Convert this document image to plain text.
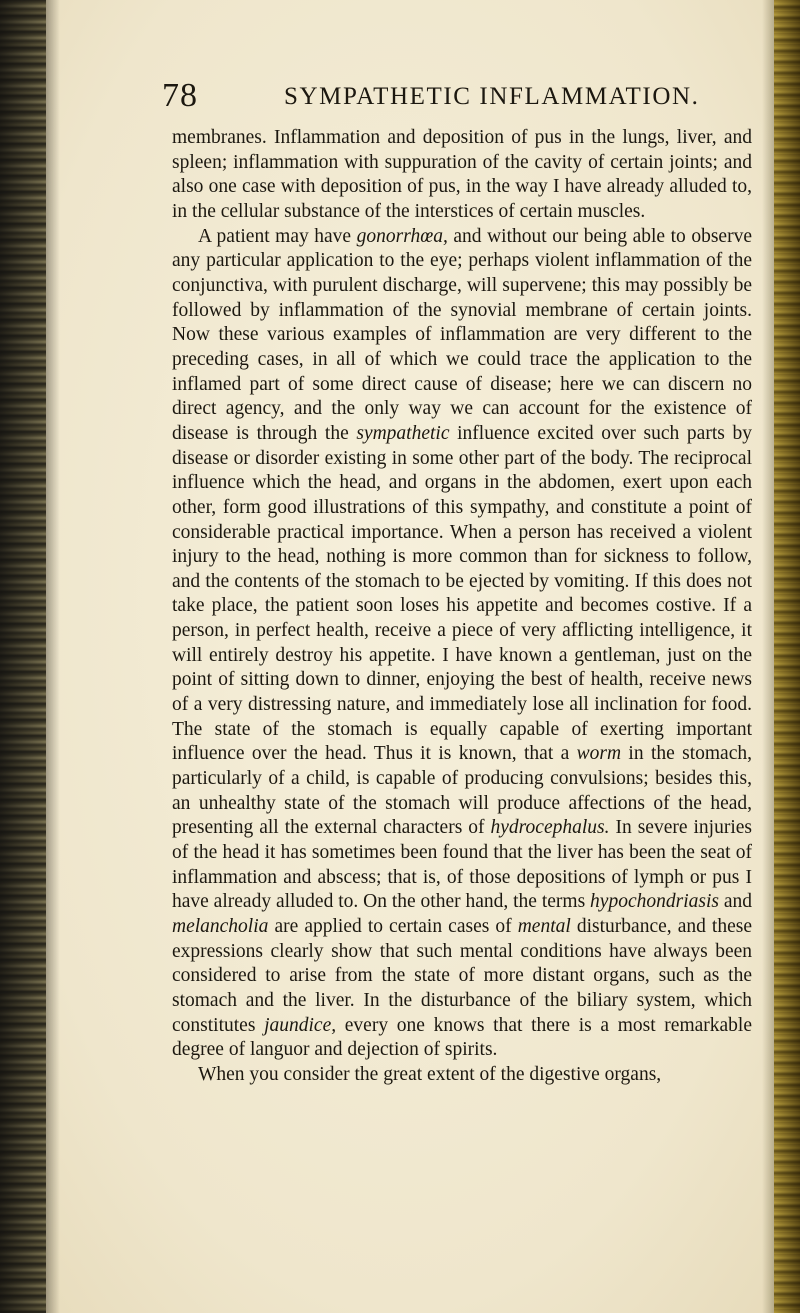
78	SYMPATHETIC INFLAMMATION.

membranes. Inflammation and deposition of pus in the lungs, liver, and spleen; inflammation with suppuration of the cavity of certain joints; and also one case with deposition of pus, in the way I have already alluded to, in the cellular substance of the interstices of certain muscles.

A patient may have gonorrhœa, and without our being able to observe any particular application to the eye; perhaps violent inflammation of the conjunctiva, with purulent discharge, will supervene; this may possibly be followed by inflammation of the synovial membrane of certain joints. Now these various examples of inflammation are very different to the preceding cases, in all of which we could trace the application to the inflamed part of some direct cause of disease; here we can discern no direct agency, and the only way we can account for the existence of disease is through the sympathetic influence excited over such parts by disease or disorder existing in some other part of the body. The reciprocal influence which the head, and organs in the abdomen, exert upon each other, form good illustrations of this sympathy, and constitute a point of considerable practical importance. When a person has received a violent injury to the head, nothing is more common than for sickness to follow, and the contents of the stomach to be ejected by vomiting. If this does not take place, the patient soon loses his appetite and becomes costive. If a person, in perfect health, receive a piece of very afflicting intelligence, it will entirely destroy his appetite. I have known a gentleman, just on the point of sitting down to dinner, enjoying the best of health, receive news of a very distressing nature, and immediately lose all inclination for food. The state of the stomach is equally capable of exerting important influence over the head. Thus it is known, that a worm in the stomach, particularly of a child, is capable of producing convulsions; besides this, an unhealthy state of the stomach will produce affections of the head, presenting all the external characters of hydrocephalus. In severe injuries of the head it has sometimes been found that the liver has been the seat of inflammation and abscess; that is, of those depositions of lymph or pus I have already alluded to. On the other hand, the terms hypochondriasis and melancholia are applied to certain cases of mental disturbance, and these expressions clearly show that such mental conditions have always been considered to arise from the state of more distant organs, such as the stomach and the liver. In the disturbance of the biliary system, which constitutes jaundice, every one knows that there is a most remarkable degree of languor and dejection of spirits.

When you consider the great extent of the digestive organs,
